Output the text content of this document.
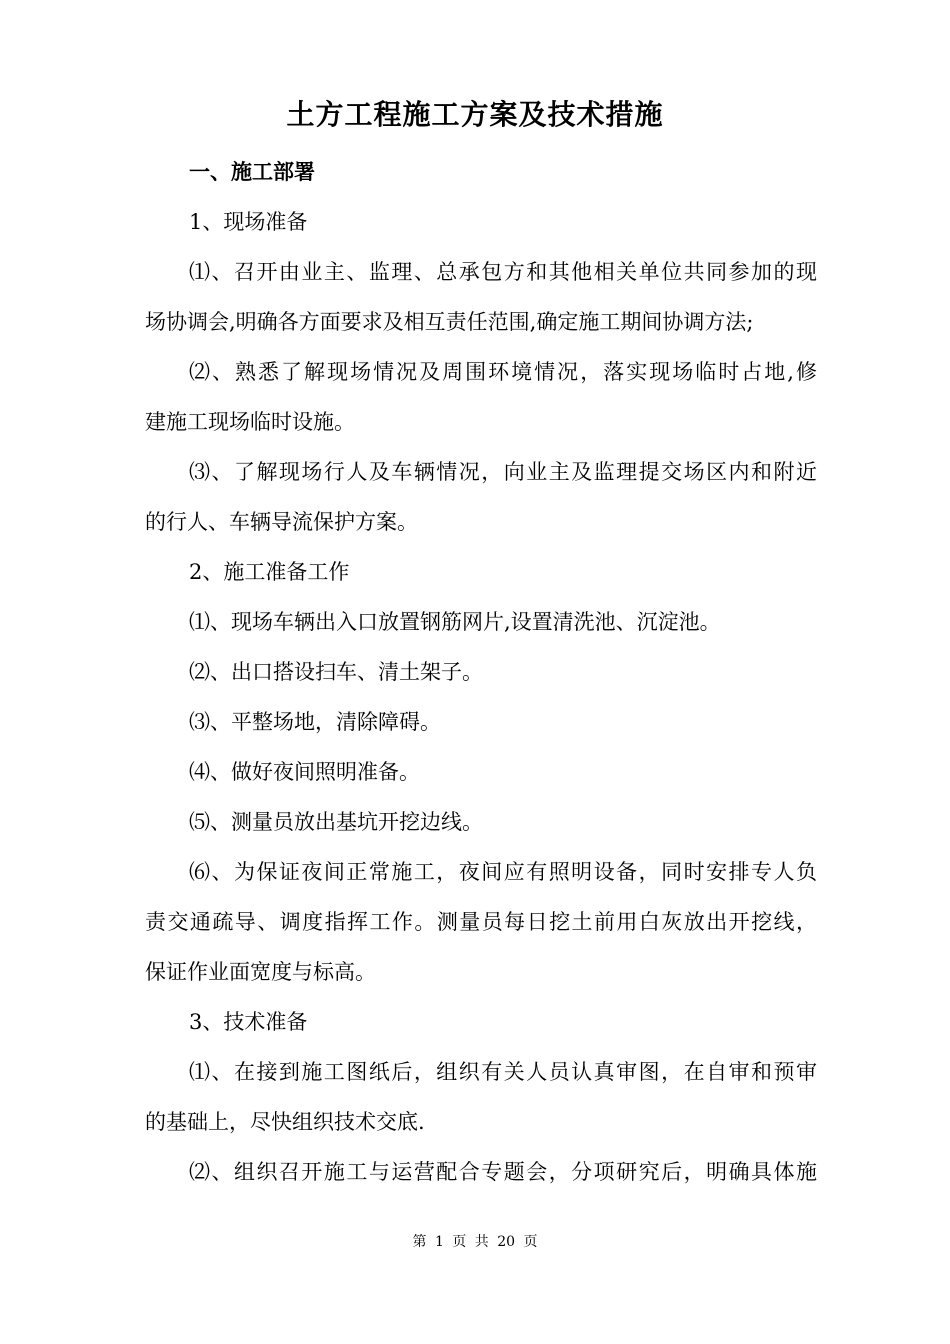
土方工程施工方案及技术措施
一、施工部署
1、现场准备
⑴、召开由业主、监理、总承包方和其他相关单位共同参加的现
场协调会,明确各方面要求及相互责任范围,确定施工期间协调方法;
⑵、熟悉了解现场情况及周围环境情况，落实现场临时占地,修
建施工现场临时设施。
⑶、了解现场行人及车辆情况，向业主及监理提交场区内和附近
的行人、车辆导流保护方案。
2、施工准备工作
⑴、现场车辆出入口放置钢筋网片,设置清洗池、沉淀池。
⑵、出口搭设扫车、清土架子。
⑶、平整场地，清除障碍。
⑷、做好夜间照明准备。
⑸、测量员放出基坑开挖边线。
⑹、为保证夜间正常施工，夜间应有照明设备，同时安排专人负
责交通疏导、调度指挥工作。测量员每日挖土前用白灰放出开挖线，
保证作业面宽度与标高。
3、技术准备
⑴、在接到施工图纸后，组织有关人员认真审图，在自审和预审
的基础上，尽快组织技术交底.
⑵、组织召开施工与运营配合专题会，分项研究后，明确具体施
第 1 页 共 20 页
